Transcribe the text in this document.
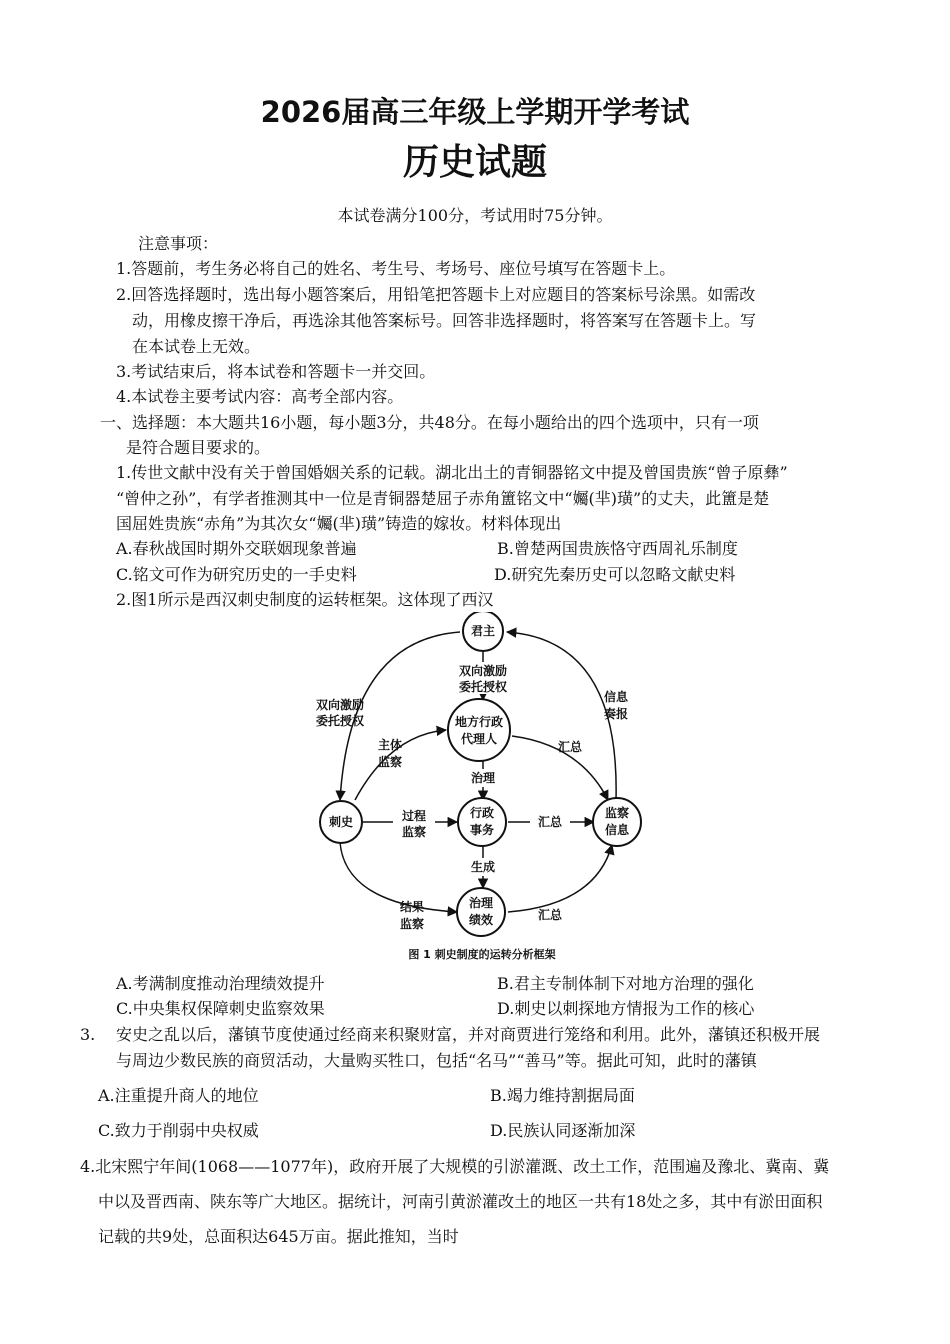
2026届高三年级上学期开学考试
历史试题
本试卷满分100分，考试用时75分钟。
注意事项：
1.答题前，考生务必将自己的姓名、考生号、考场号、座位号填写在答题卡上。
2.回答选择题时，选出每小题答案后，用铅笔把答题卡上对应题目的答案标号涂黑。如需改
动，用橡皮擦干净后，再选涂其他答案标号。回答非选择题时，将答案写在答题卡上。写
在本试卷上无效。
3.考试结束后，将本试卷和答题卡一并交回。
4.本试卷主要考试内容：高考全部内容。
一、选择题：本大题共16小题，每小题3分，共48分。在每小题给出的四个选项中，只有一项
是符合题目要求的。
1.传世文献中没有关于曾国婚姻关系的记载。湖北出土的青铜器铭文中提及曾国贵族“曾子原彝”
“曾仲之孙”，有学者推测其中一位是青铜器楚屈子赤角簠铭文中“孎(芈)璜”的丈夫，此簠是楚
国屈姓贵族“赤角”为其次女“孎(芈)璜”铸造的嫁妆。材料体现出
A.春秋战国时期外交联姻现象普遍	B.曾楚两国贵族恪守西周礼乐制度
C.铭文可作为研究历史的一手史料	D.研究先秦历史可以忽略文献史料
2.图1所示是西汉刺史制度的运转框架。这体现了西汉
君主
地方行政
代理人
刺史
行政
事务
监察
信息
治理
绩效
双向激励
委托授权
双向激励
委托授权
信息
奏报
主体
监察
汇总
治理
过程
监察
汇总
生成
结果
监察
汇总
图 1 刺史制度的运转分析框架
A.考满制度推动治理绩效提升	B.君主专制体制下对地方治理的强化
C.中央集权保障刺史监察效果	D.刺史以刺探地方情报为工作的核心
3. 安史之乱以后，藩镇节度使通过经商来积聚财富，并对商贾进行笼络和利用。此外，藩镇还积极开展
与周边少数民族的商贸活动，大量购买牲口，包括“名马”“善马”等。据此可知，此时的藩镇
A.注重提升商人的地位	B.竭力维持割据局面
C.致力于削弱中央权威	D.民族认同逐渐加深
4.北宋熙宁年间(1068——1077年)，政府开展了大规模的引淤灌溉、改土工作，范围遍及豫北、冀南、冀
中以及晋西南、陕东等广大地区。据统计，河南引黄淤灌改土的地区一共有18处之多，其中有淤田面积
记载的共9处，总面积达645万亩。据此推知，当时
